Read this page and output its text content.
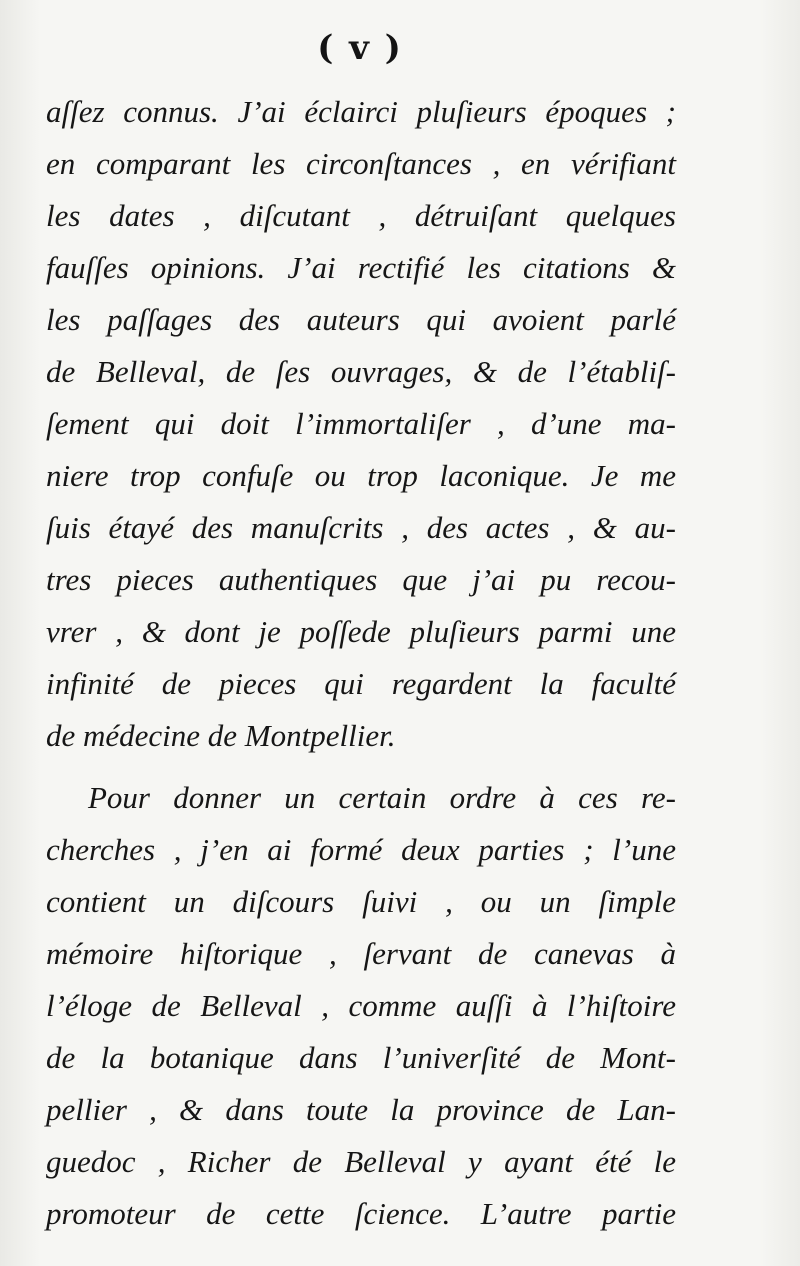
( v )
aſſez connus. J’ai éclairci pluſieurs époques ;
en comparant les circonſtances , en vérifiant
les dates , diſcutant , détruiſant quelques
fauſſes opinions. J’ai rectifié les citations &
les paſſages des auteurs qui avoient parlé
de Belleval, de ſes ouvrages, & de l’établiſ-
ſement qui doit l’immortaliſer , d’une ma-
niere trop confuſe ou trop laconique. Je me
ſuis étayé des manuſcrits , des actes , & au-
tres pieces authentiques que j’ai pu recou-
vrer , & dont je poſſede pluſieurs parmi une
infinité de pieces qui regardent la faculté
de médecine de Montpellier.
Pour donner un certain ordre à ces re-
cherches , j’en ai formé deux parties ; l’une
contient un diſcours ſuivi , ou un ſimple
mémoire hiſtorique , ſervant de canevas à
l’éloge de Belleval , comme auſſi à l’hiſtoire
de la botanique dans l’univerſité de Mont-
pellier , & dans toute la province de Lan-
guedoc , Richer de Belleval y ayant été le
promoteur de cette ſcience. L’autre partie
